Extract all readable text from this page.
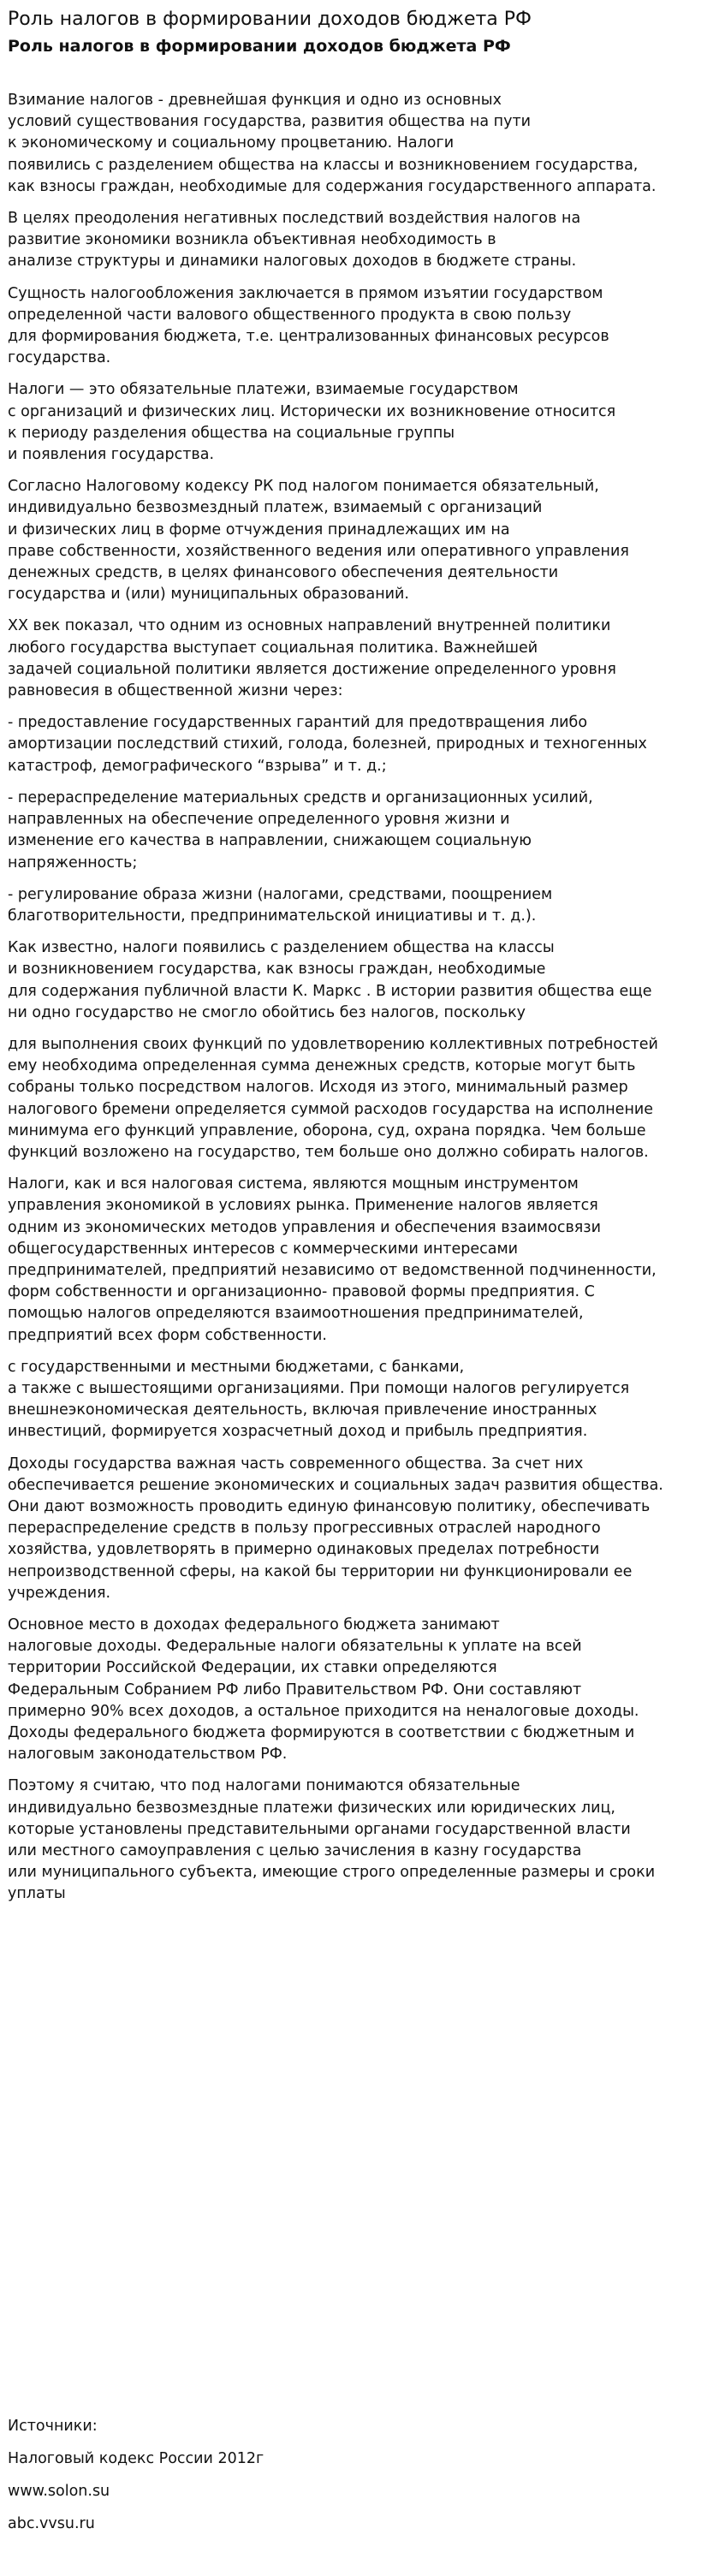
Роль налогов в формировании доходов бюджета РФ
Роль налогов в формировании доходов бюджета РФ

Взимание налогов - древнейшая функция и одно из основных
условий существования государства, развития общества на пути
к экономическому и социальному процветанию. Налоги
появились с разделением общества на классы и возникновением государства,
как взносы граждан, необходимые для содержания государственного аппарата.

В целях преодоления негативных последствий воздействия налогов на
развитие экономики возникла объективная необходимость в
анализе структуры и динамики налоговых доходов в бюджете страны.

Сущность налогообложения заключается в прямом изъятии государством
определенной части валового общественного продукта в свою пользу
для формирования бюджета, т.е. централизованных финансовых ресурсов
государства.

Налоги — это обязательные платежи, взимаемые государством
с организаций и физических лиц. Исторически их возникновение относится
к периоду разделения общества на социальные группы
и появления государства.

Согласно Налоговому кодексу РК под налогом понимается обязательный,
индивидуально безвозмездный платеж, взимаемый с организаций
и физических лиц в форме отчуждения принадлежащих им на
праве собственности, хозяйственного ведения или оперативного управления
денежных средств, в целях финансового обеспечения деятельности
государства и (или) муниципальных образований.

XX век показал, что одним из основных направлений внутренней политики
любого государства выступает социальная политика. Важнейшей
задачей социальной политики является достижение определенного уровня
равновесия в общественной жизни через:

- предоставление государственных гарантий для предотвращения либо
амортизации последствий стихий, голода, болезней, природных и техногенных
катастроф, демографического “взрыва” и т. д.;

- перераспределение материальных средств и организационных усилий,
направленных на обеспечение определенного уровня жизни и
изменение его качества в направлении, снижающем социальную
напряженность;

- регулирование образа жизни (налогами, средствами, поощрением
благотворительности, предпринимательской инициативы и т. д.).

Как известно, налоги появились с разделением общества на классы
и возникновением государства, как взносы граждан, необходимые
для содержания публичной власти К. Маркс . В истории развития общества еще
ни одно государство не смогло обойтись без налогов, поскольку

для выполнения своих функций по удовлетворению коллективных потребностей
ему необходима определенная сумма денежных средств, которые могут быть
собраны только посредством налогов. Исходя из этого, минимальный размер
налогового бремени определяется суммой расходов государства на исполнение
минимума его функций управление, оборона, суд, охрана порядка. Чем больше
функций возложено на государство, тем больше оно должно собирать налогов.

Налоги, как и вся налоговая система, являются мощным инструментом
управления экономикой в условиях рынка. Применение налогов является
одним из экономических методов управления и обеспечения взаимосвязи
общегосударственных интересов с коммерческими интересами
предпринимателей, предприятий независимо от ведомственной подчиненности,
форм собственности и организационно- правовой формы предприятия. С
помощью налогов определяются взаимоотношения предпринимателей,
предприятий всех форм собственности.

с государственными и местными бюджетами, с банками,
а также с вышестоящими организациями. При помощи налогов регулируется
внешнеэкономическая деятельность, включая привлечение иностранных
инвестиций, формируется хозрасчетный доход и прибыль предприятия.

Доходы государства важная часть современного общества. За счет них
обеспечивается решение экономических и социальных задач развития общества.
Они дают возможность проводить единую финансовую политику, обеспечивать
перераспределение средств в пользу прогрессивных отраслей народного
хозяйства, удовлетворять в примерно одинаковых пределах потребности
непроизводственной сферы, на какой бы территории ни функционировали ее
учреждения.

Основное место в доходах федерального бюджета занимают
налоговые доходы. Федеральные налоги обязательны к уплате на всей
территории Российской Федерации, их ставки определяются
Федеральным Собранием РФ либо Правительством РФ. Они составляют
примерно 90% всех доходов, а остальное приходится на неналоговые доходы.
Доходы федерального бюджета формируются в соответствии с бюджетным и
налоговым законодательством РФ.

Поэтому я считаю, что под налогами понимаются обязательные
индивидуально безвозмездные платежи физических или юридических лиц,
которые установлены представительными органами государственной власти
или местного самоуправления с целью зачисления в казну государства
или муниципального субъекта, имеющие строго определенные размеры и сроки
уплаты

Источники:

Налоговый кодекс России 2012г

www.solon.su

abc.vvsu.ru
